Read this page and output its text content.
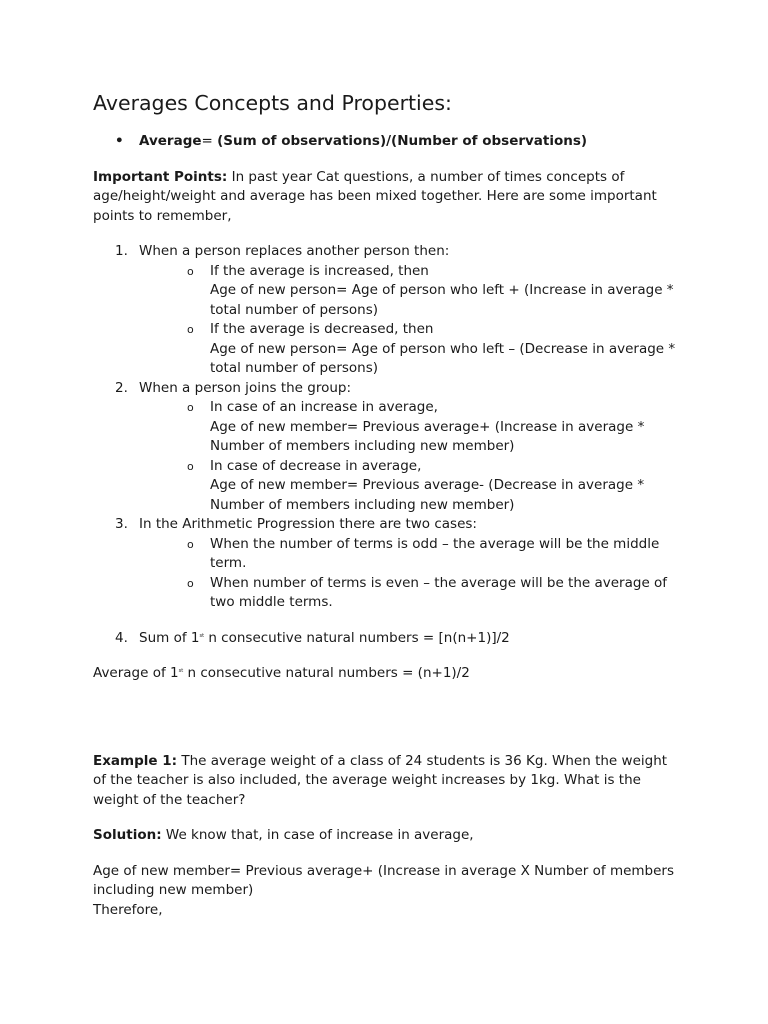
Averages Concepts and Properties:
• Average= (Sum of observations)/(Number of observations)

Important Points: In past year Cat questions, a number of times concepts of age/height/weight and average has been mixed together. Here are some important points to remember,

1. When a person replaces another person then:
o If the average is increased, then
Age of new person= Age of person who left + (Increase in average * total number of persons)
o If the average is decreased, then
Age of new person= Age of person who left – (Decrease in average * total number of persons)
2. When a person joins the group:
o In case of an increase in average,
Age of new member= Previous average+ (Increase in average * Number of members including new member)
o In case of decrease in average,
Age of new member= Previous average- (Decrease in average * Number of members including new member)
3. In the Arithmetic Progression there are two cases:
o When the number of terms is odd – the average will be the middle term.
o When number of terms is even – the average will be the average of two middle terms.
4. Sum of 1st n consecutive natural numbers = [n(n+1)]/2

Average of 1st n consecutive natural numbers = (n+1)/2

Example 1: The average weight of a class of 24 students is 36 Kg. When the weight of the teacher is also included, the average weight increases by 1kg. What is the weight of the teacher?

Solution: We know that, in case of increase in average,

Age of new member= Previous average+ (Increase in average X Number of members including new member)
Therefore,
